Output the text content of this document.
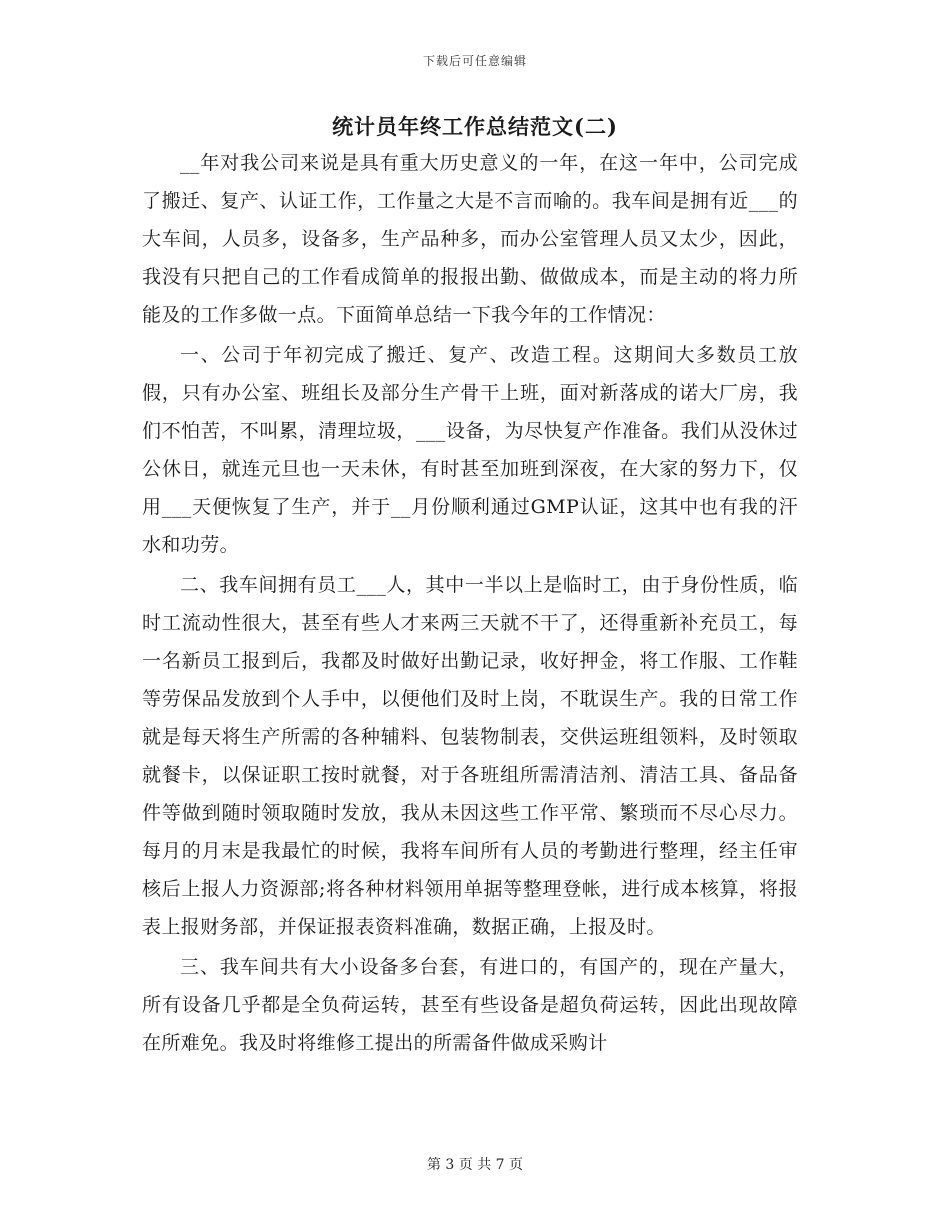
下载后可任意编辑
统计员年终工作总结范文(二)

__年对我公司来说是具有重大历史意义的一年，在这一年中，公司完成了搬迁、复产、认证工作，工作量之大是不言而喻的。我车间是拥有近___的大车间，人员多，设备多，生产品种多，而办公室管理人员又太少，因此，我没有只把自己的工作看成简单的报报出勤、做做成本，而是主动的将力所能及的工作多做一点。下面简单总结一下我今年的工作情况：

一、公司于年初完成了搬迁、复产、改造工程。这期间大多数员工放假，只有办公室、班组长及部分生产骨干上班，面对新落成的诺大厂房，我们不怕苦，不叫累，清理垃圾，___设备，为尽快复产作准备。我们从没休过公休日，就连元旦也一天未休，有时甚至加班到深夜，在大家的努力下，仅用___天便恢复了生产，并于__月份顺利通过GMP认证，这其中也有我的汗水和功劳。

二、我车间拥有员工___人，其中一半以上是临时工，由于身份性质，临时工流动性很大，甚至有些人才来两三天就不干了，还得重新补充员工，每一名新员工报到后，我都及时做好出勤记录，收好押金，将工作服、工作鞋等劳保品发放到个人手中，以便他们及时上岗，不耽误生产。我的日常工作就是每天将生产所需的各种辅料、包装物制表，交供运班组领料，及时领取就餐卡，以保证职工按时就餐，对于各班组所需清洁剂、清洁工具、备品备件等做到随时领取随时发放，我从未因这些工作平常、繁琐而不尽心尽力。每月的月末是我最忙的时候，我将车间所有人员的考勤进行整理，经主任审核后上报人力资源部;将各种材料领用单据等整理登帐，进行成本核算，将报表上报财务部，并保证报表资料准确，数据正确，上报及时。

三、我车间共有大小设备多台套，有进口的，有国产的，现在产量大，所有设备几乎都是全负荷运转，甚至有些设备是超负荷运转，因此出现故障在所难免。我及时将维修工提出的所需备件做成采购计

第 3 页 共 7 页
